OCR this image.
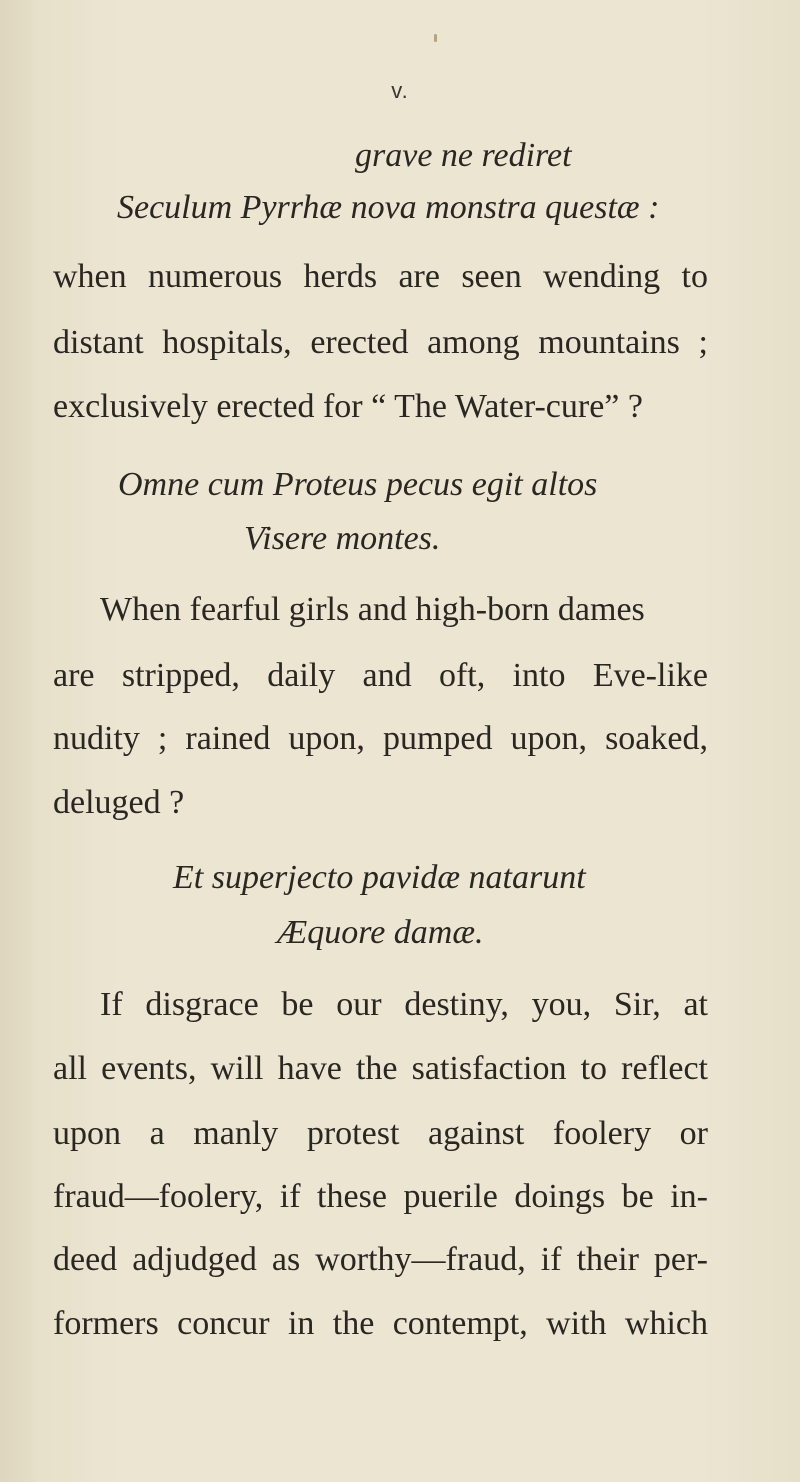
v.
grave ne rediret
Seculum Pyrrhæ nova monstra questæ :
when numerous herds are seen wending to
distant hospitals, erected among mountains ;
exclusively erected for “ The Water-cure” ?
Omne cum Proteus pecus egit altos
Visere montes.
When fearful girls and high-born dames
are stripped, daily and oft, into Eve-like
nudity ; rained upon, pumped upon, soaked,
deluged ?
Et superjecto pavidæ natarunt
Æquore damæ.
If disgrace be our destiny, you, Sir, at
all events, will have the satisfaction to reflect
upon a manly protest against foolery or
fraud—foolery, if these puerile doings be in-
deed adjudged as worthy—fraud, if their per-
formers concur in the contempt, with which
